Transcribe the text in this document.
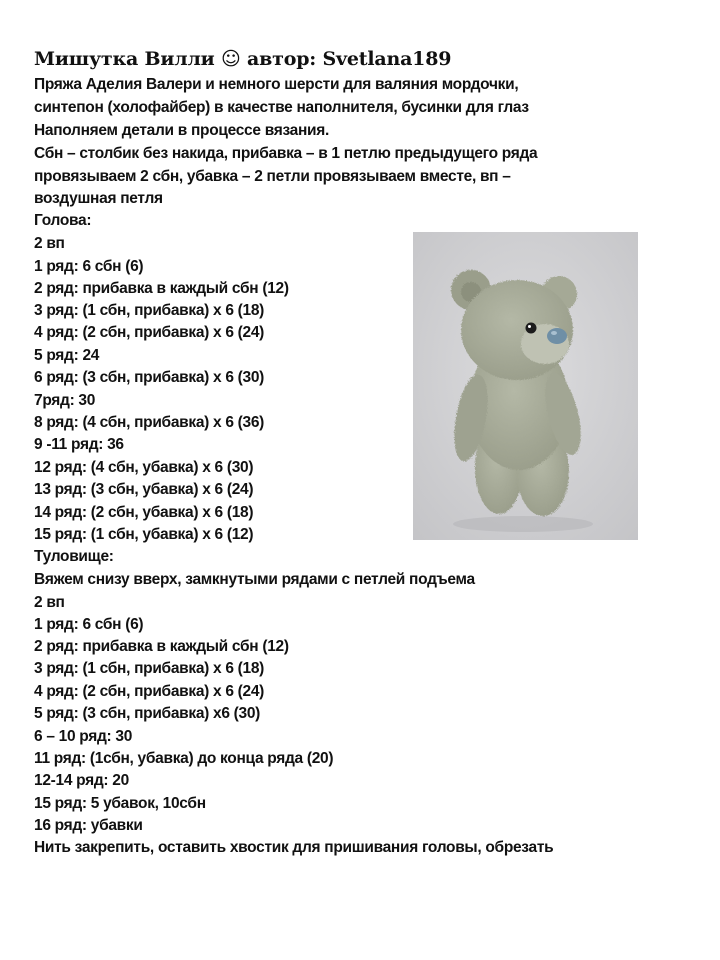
Мишутка Вилли ☺ автор: Svetlana189
Пряжа Аделия Валери и немного шерсти для валяния мордочки,
синтепон (холофайбер) в качестве наполнителя, бусинки для глаз
Наполняем детали в процессе вязания.
Сбн – столбик без накида, прибавка – в 1 петлю предыдущего ряда
провязываем 2 сбн, убавка – 2 петли провязываем вместе, вп –
воздушная петля
Голова:
2 вп
1 ряд: 6 сбн (6)
2 ряд: прибавка в каждый сбн (12)
3 ряд: (1 сбн, прибавка) х 6 (18)
4 ряд: (2 сбн, прибавка) х 6 (24)
5 ряд: 24
6 ряд: (3 сбн, прибавка) х 6 (30)
7ряд: 30
8 ряд: (4 сбн, прибавка) х 6 (36)
9 -11 ряд: 36
12 ряд: (4 сбн, убавка) х 6 (30)
13 ряд: (3 сбн, убавка) х 6 (24)
14 ряд: (2 сбн, убавка) х 6 (18)
15 ряд: (1 сбн, убавка) х 6 (12)
Туловище:
Вяжем снизу вверх, замкнутыми рядами с петлей подъема
2 вп
1 ряд: 6 сбн (6)
2 ряд: прибавка в каждый сбн (12)
3 ряд: (1 сбн, прибавка) х 6 (18)
4 ряд: (2 сбн, прибавка) х 6 (24)
5 ряд: (3 сбн, прибавка) х6 (30)
6 – 10 ряд: 30
11 ряд: (1сбн, убавка) до конца ряда (20)
12-14 ряд: 20
15 ряд: 5 убавок, 10сбн
16 ряд: убавки
Нить закрепить, оставить хвостик для пришивания головы, обрезать
